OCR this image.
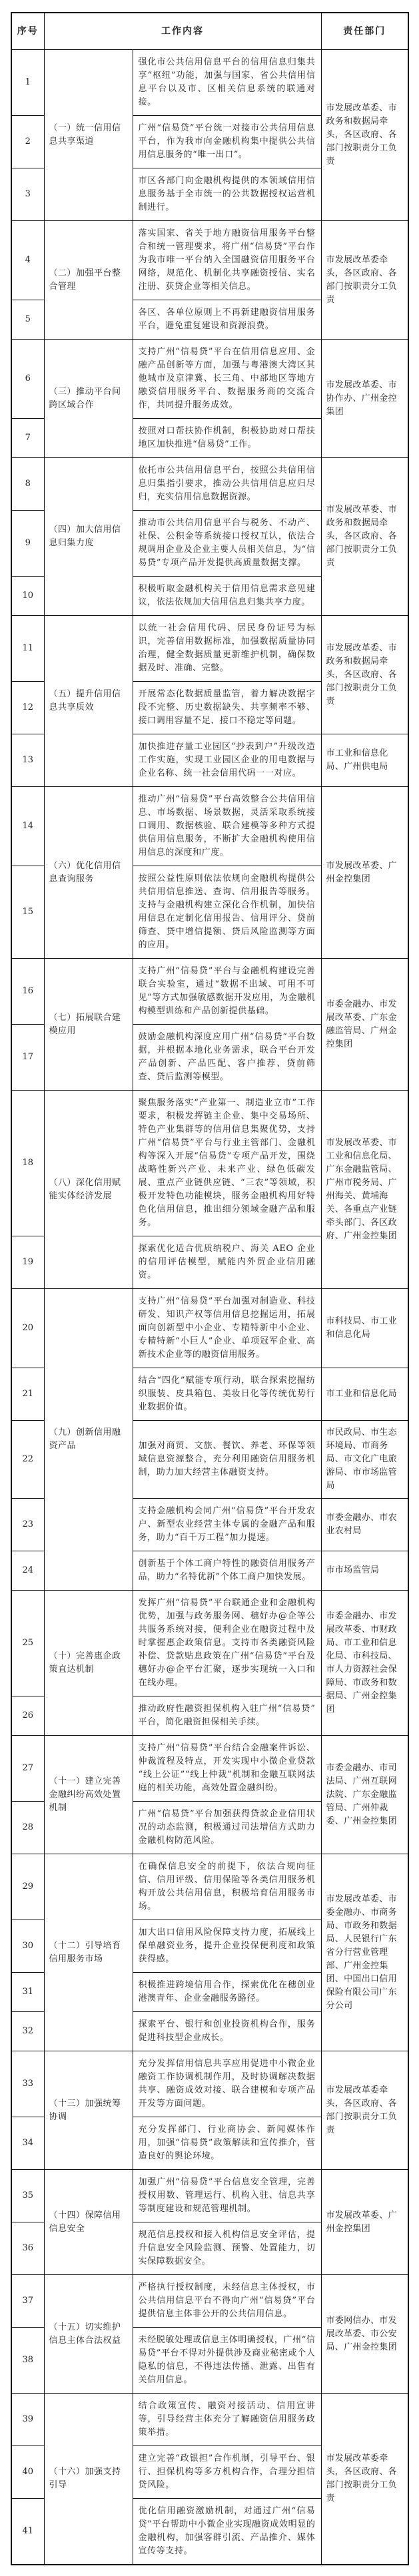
序号	工作内容		责任部门
1	（一）统一信用信息共享渠道	强化市公共信用信息平台的信用信息归集共享“枢纽”功能，加强与国家、省公共信用信息平台以及市、区相关信息系统的联通对接。	市发展改革委、市政务和数据局牵头，各区政府、各部门按职责分工负责
2		广州“信易贷”平台统一对接市公共信用信息平台，作为我市向金融机构集中提供公共信用信息服务的“唯一出口”。	
3		市区各部门向金融机构提供的本领域信用信息服务基于全市统一的公共数据授权运营机制进行。	
4	（二）加强平台整合管理	落实国家、省关于地方融资信用服务平台整合和统一管理要求，将广州“信易贷”平台作为我市唯一平台纳入全国融资信用服务平台网络，规范化、机制化共享融资授信、实名注册、获贷企业等相关信息。	市发展改革委牵头，各区政府、各部门按职责分工负责
5		各区、各单位原则上不再新建融资信用服务平台，避免重复建设和资源浪费。	
6	（三）推动平台间跨区域合作	支持广州“信易贷”平台在信用信息应用、金融产品创新等方面，加强与粤港澳大湾区其他城市及京津冀、长三角、中部地区等地方融资信用服务平台、数据服务商的交流合作，共同提升服务成效。	市发展改革委、市协作办、广州金控集团
7		按照对口帮扶协作机制，积极协助对口帮扶地区加快推进“信易贷”工作。	
8	（四）加大信用信息归集力度	依托市公共信用信息平台，按照公共信用信息归集指引要求，推动公共信用信息应归尽归，充实信用信息数据资源。	市发展改革委、市政务和数据局牵头，各区政府、各部门按职责分工负责
9		推动市公共信用信息平台与税务、不动产、社保、公积金等系统接口授权互认，依法合规调用企业及企业主要人员相关信息，为“信易贷”专项产品开发提供高质量数据支撑。	
10		积极听取金融机构关于信用信息需求意见建议，依法依规加大信用信息归集共享力度。	
11	（五）提升信用信息共享质效	以统一社会信用代码、居民身份证号为标识，完善信用数据标准，加强数据质量协同治理，健全数据质量更新维护机制，确保数据及时、准确、完整。	市发展改革委、市政务和数据局牵头，各区政府、各部门按职责分工负责
12		开展常态化数据质量监管，着力解决数据字段不完整、历史数据缺失、共享频率不够、接口调用容量不足、接口不稳定等问题。	
13		加快推进存量工业园区“抄表到户”升级改造工作实施，实现工业园区企业的用电数据与企业名称、统一社会信用代码一一对应。	市工业和信息化局、广州供电局
14	（六）优化信用信息查询服务	推动广州“信易贷”平台高效整合公共信用信息、市场数据、场景数据，灵活采取系统接口调用、数据核验、联合建模等多种方式提供信用信息服务，不断扩大金融机构使用信用信息的深度和广度。	市发展改革委、广州金控集团
15		按照公益性原则依法依规向金融机构提供公共信用信息推送、查询、信用报告等服务。支持与金融机构建立深化合作机制，加快信用信息在定制化信用报告、信用评分、贷前筛查、贷中增信提额、贷后风险监测等方面的应用。	
16	（七）拓展联合建模应用	支持广州“信易贷”平台与金融机构建设完善联合实验室，通过“数据不出域、可用不可见”等方式加强敏感数据开发应用，为金融机构模型训练和产品创新提供基础。	市委金融办、市发展改革委、广东金融监管局、广州金控集团
17		鼓励金融机构深度应用广州“信易贷”平台数据，并根据本地化业务需求，联合平台开发产品创新、产品匹配、客户推荐、贷前筛查、贷后监测等模型。	
18	（八）深化信用赋能实体经济发展	聚焦服务落实“产业第一、制造业立市”工作要求，积极发挥链主企业、集中交易场所、特色产业集群等的信用信息集聚优势，支持广州“信易贷”平台与行业主管部门、金融机构等深入开展“信易贷”专项产品开发，围绕战略性新兴产业、未来产业、绿色低碳发展、重点产业链供应链、“三农”等领域，积极开发特色功能模块，服务金融机构用好特色化信用信息，推出细分领域金融产品和服务。	市发展改革委、市工业和信息化局、广东金融监管局、广州市税务局、广州海关、黄埔海关、各重点产业链牵头部门、各区政府、广州金控集团
19		探索优化适合优质纳税户、海关 AEO 企业的信用评估模型，赋能内外贸企业信用融资。	
20	（九）创新信用融资产品	支持广州“信易贷”平台加强对制造业、科技研发、知识产权等信用信息挖掘运用，拓展面向创新型中小企业、专精特新中小企业、专精特新“小巨人”企业、单项冠军企业、高新技术企业等的融资信用服务。	市科技局、市工业和信息化局
21		结合“四化”赋能专项行动，联合探索挖掘纺织服装、皮具箱包、美妆日化等传统优势行业数据价值。	市工业和信息化局
22		加强对商贸、文旅、餐饮、养老、环保等领域信息资源整合，充分利用融资信用服务机制，助力加大经营主体融资支持。	市民政局、市生态环境局、市商务局、市文化广电旅游局、市市场监管局
23		支持金融机构会同广州“信易贷”平台开发农户、新型农业经营主体专属的金融产品和服务，助力“百千万工程”加力提速。	市委金融办、市农业农村局
24		创新基于个体工商户特性的融资信用服务产品，助力“名特优新”个体工商户加快发展。	市市场监管局
25	（十）完善惠企政策直达机制	发挥广州“信易贷”平台联通企业和金融机构优势，加强与政务服务网、穗好办@企等公共服务系统对接，便利企业在融资过程中及时掌握惠企政策信息。支持市各类融资风险补偿、贷款贴息政策在广州“信易贷”平台及穗好办@企平台汇聚，逐步实现统一入口和在线办理。	市委金融办、市发展改革委、市财政局、市工业和信息化局、市科技局、市人力资源社会保障局、市政务和数据局、广州金控集团
26		推动政府性融资担保机构入驻广州“信易贷”平台，简化融资担保相关手续。	
27	（十一）建立完善金融纠纷高效处置机制	支持广州“信易贷”平台结合金融案件诉讼、仲裁流程及特点，开发实现中小微企业贷款“线上公证”“线上仲裁”机制和金融互联网法庭的相关功能，高效处置金融纠纷。	市委金融办、市司法局、广州互联网法院、广东金融监管局、广州仲裁委、广州金控集团
28		广州“信易贷”平台加强获得贷款企业信用状况的动态监测，积极通过司法增信方式助力金融机构防范风险。	
29	（十二）引导培育信用服务市场	在确保信息安全的前提下，依法合规向征信、信用评级、信用保险等各类信用服务机构开放公共信用信息，积极培育信用服务市场。	市发展改革委、市委金融办、市商务局、市政务和数据局、人民银行广东省分行营业管理部、广州金控集团、中国出口信用保险有限公司广东分公司
30		加大出口信用风险保障支持力度，拓展线上保单融资业务，提升企业投保便利度和政策获得感。	
31		积极推进跨境信用合作，探索优化在穗创业港澳青年、企业金融服务路径。	
32		探索平台、银行和创业投资机构合作，服务促进科技型企业成长。	
33	（十三）加强统筹协调	充分发挥信用信息共享应用促进中小微企业融资工作协调机制作用，及时协调解决数据共享、融资成效对接、联合建模和专项产品开发等方面问题。	市发展改革委牵头，各区政府、各部门按职责分工负责
34		充分发挥部门、行业商协会、新闻媒体作用，加强“信易贷”政策解读和宣传推介，营造良好的舆论环境。	
35	（十四）保障信用信息安全	加强广州“信易贷”平台信息安全管理，完善授权用数、管理运行、机构入驻、信息共享等制度建设和规范管理机制。	市发展改革委、广州金控集团
36		规范信息授权和接入机构信息安全评估，提升信息安全风险监测、预警、处置能力，切实保障数据安全。	
37	（十五）切实维护信息主体合法权益	严格执行授权制度，未经信息主体授权，市公共信用信息平台不得向广州“信易贷”平台提供信息主体非公开的公共信用信息。	市委网信办、市发展改革委、市公安局、广州金控集团
38		未经脱敏处理或信息主体明确授权，广州“信易贷”平台不得对外提供涉及商业秘密或个人隐私的信息，不得违法传播、泄露、出售有关信用信息。	
39	（十六）加强支持引导	结合政策宣传、融资对接活动、信用宣讲等，引导经营主体充分了解融资信用服务政策举措。	市发展改革委牵头，各区政府、各部门按职责分工负责
40		建立完善“政银担”合作机制，引导平台、银行、担保机构等多方机构合作，合理分担信贷风险。	
41		优化信用融资激励机制，对通过广州“信易贷”平台帮助中小微企业实现融资成效明显的金融机构，加强客群引流、产品推介、媒体宣传等支持。	
